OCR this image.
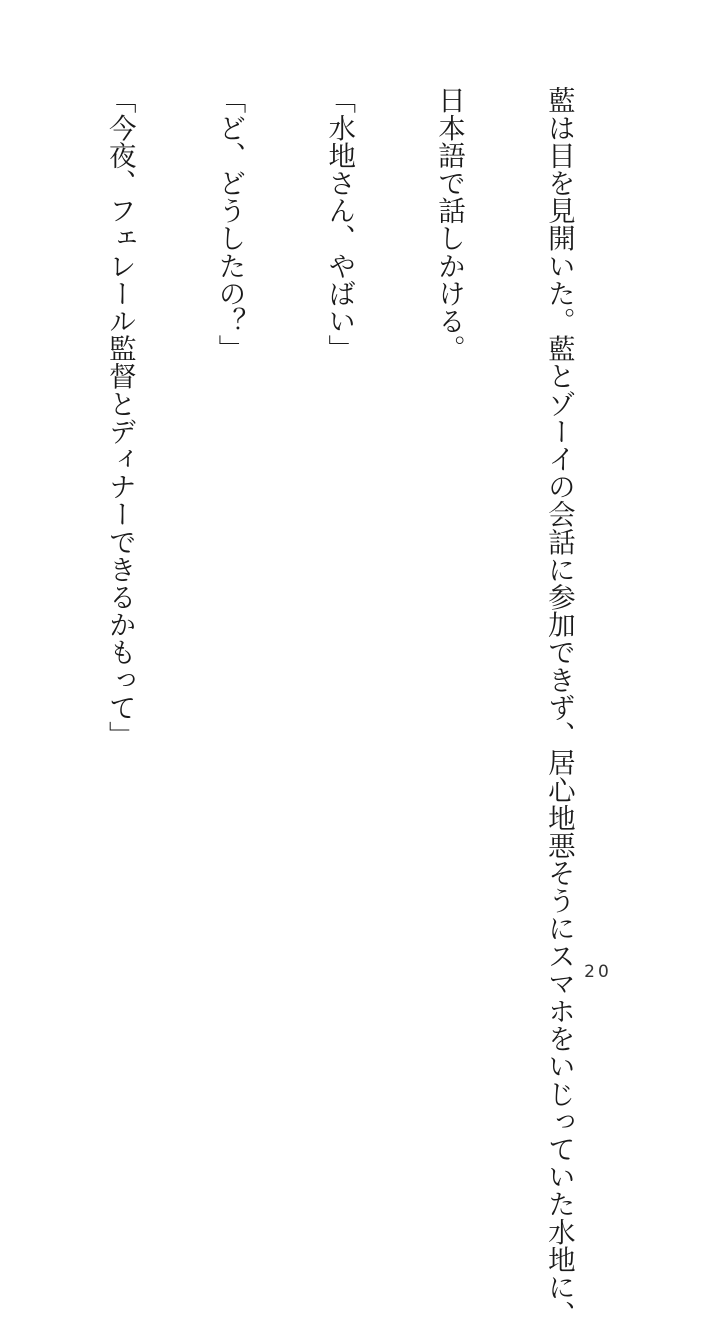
藍は目を見開いた。藍とゾーイの会話に参加できず、居心地悪そうにスマホをいじっていた水地に、

日本語で話しかける。

「水地さん、やばい」

「ど、どうしたの？」

「今夜、フェレール監督とディナーできるかもって」

20
